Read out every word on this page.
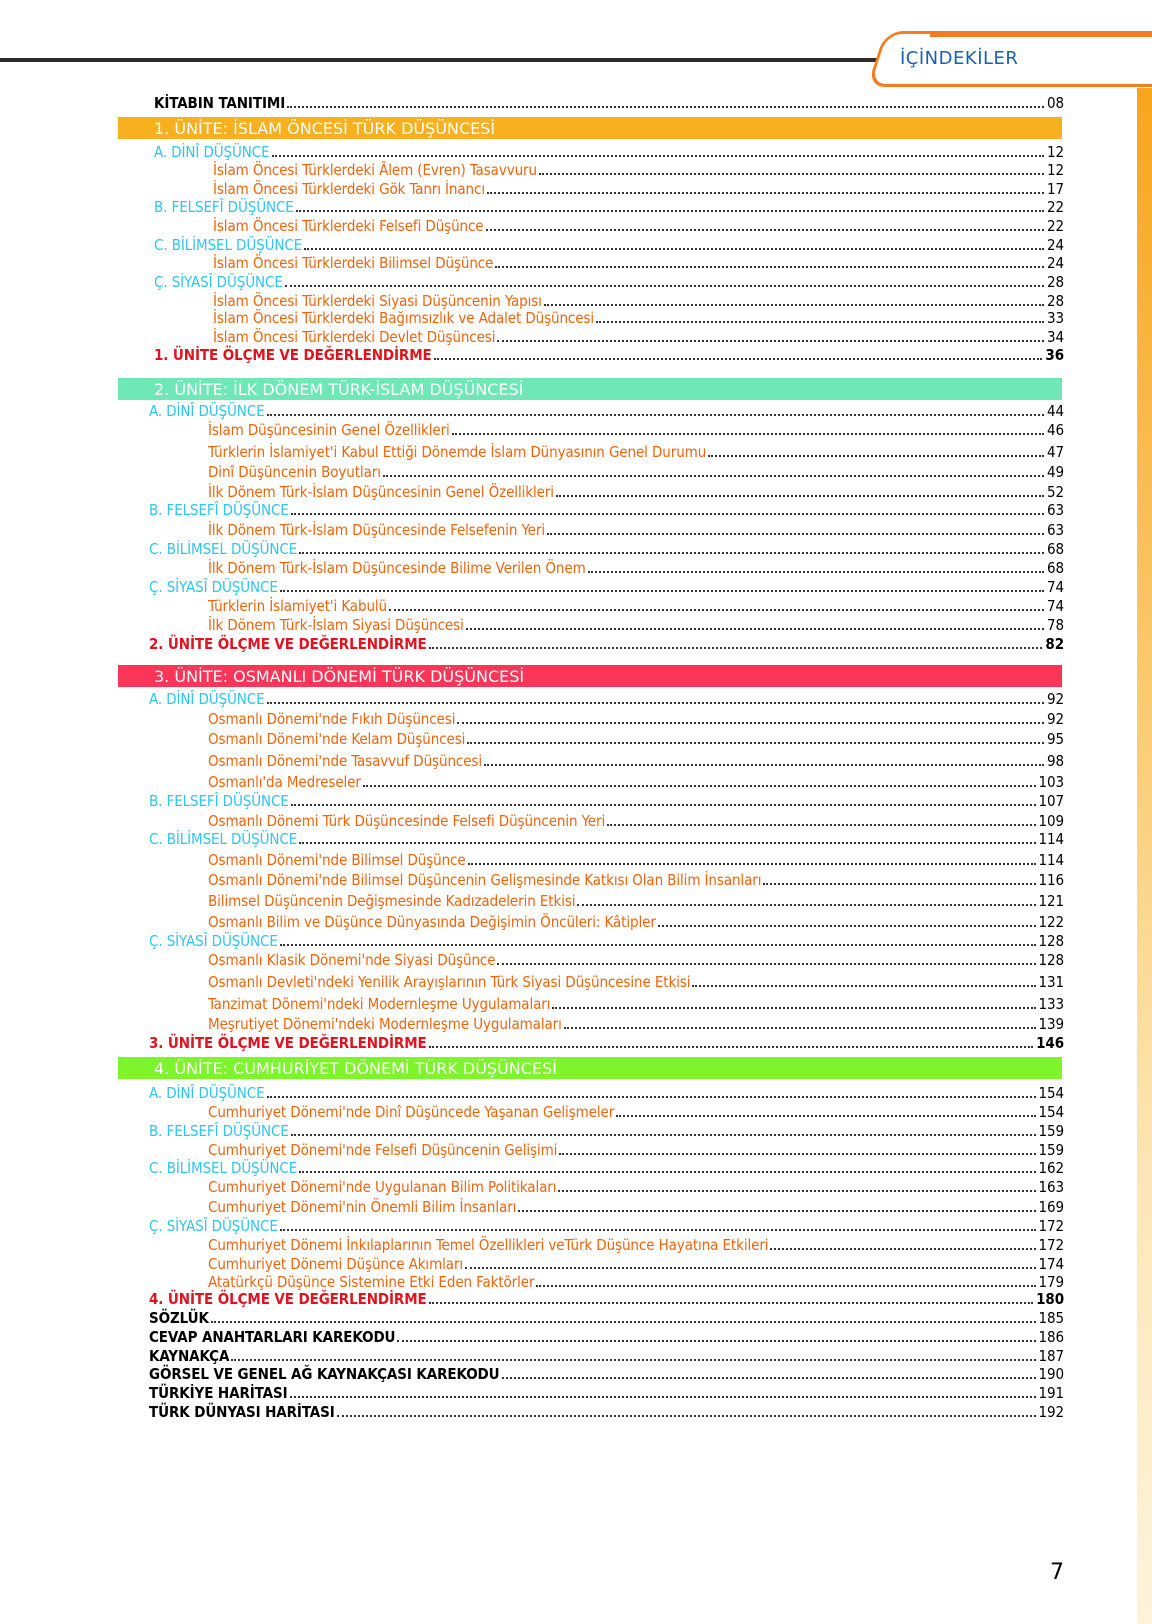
İÇİNDEKİLER
KİTABIN TANITIMI	08
1. ÜNİTE: İSLAM ÖNCESİ TÜRK DÜŞÜNCESİ
A. DİNÎ DÜŞÜNCE	12
İslam Öncesi Türklerdeki Âlem (Evren) Tasavvuru	12
İslam Öncesi Türklerdeki Gök Tanrı İnancı	17
B. FELSEFÎ DÜŞÜNCE	22
İslam Öncesi Türklerdeki Felsefi Düşünce	22
C. BİLİMSEL DÜŞÜNCE	24
İslam Öncesi Türklerdeki Bilimsel Düşünce	24
Ç. SİYASÎ DÜŞÜNCE	28
İslam Öncesi Türklerdeki Siyasi Düşüncenin Yapısı	28
İslam Öncesi Türklerdeki Bağımsızlık ve Adalet Düşüncesi	33
İslam Öncesi Türklerdeki Devlet Düşüncesi	34
1. ÜNİTE ÖLÇME VE DEĞERLENDİRME	36
2. ÜNİTE: İLK DÖNEM TÜRK-İSLAM DÜŞÜNCESİ
A. DİNÎ DÜŞÜNCE	44
İslam Düşüncesinin Genel Özellikleri	46
Türklerin İslamiyet'i Kabul Ettiği Dönemde İslam Dünyasının Genel Durumu	47
Dinî Düşüncenin Boyutları	49
İlk Dönem Türk-İslam Düşüncesinin Genel Özellikleri	52
B. FELSEFÎ DÜŞÜNCE	63
İlk Dönem Türk-İslam Düşüncesinde Felsefenin Yeri	63
C. BİLİMSEL DÜŞÜNCE	68
İlk Dönem Türk-İslam Düşüncesinde Bilime Verilen Önem	68
Ç. SİYASÎ DÜŞÜNCE	74
Türklerin İslamiyet'i Kabulü	74
İlk Dönem Türk-İslam Siyasi Düşüncesi	78
2. ÜNİTE ÖLÇME VE DEĞERLENDİRME	82
3. ÜNİTE: OSMANLI DÖNEMİ TÜRK DÜŞÜNCESİ
A. DİNÎ DÜŞÜNCE	92
Osmanlı Dönemi'nde Fıkıh Düşüncesi	92
Osmanlı Dönemi'nde Kelam Düşüncesi	95
Osmanlı Dönemi'nde Tasavvuf Düşüncesi	98
Osmanlı'da Medreseler	103
B. FELSEFÎ DÜŞÜNCE	107
Osmanlı Dönemi Türk Düşüncesinde Felsefi Düşüncenin Yeri	109
C. BİLİMSEL DÜŞÜNCE	114
Osmanlı Dönemi'nde Bilimsel Düşünce	114
Osmanlı Dönemi'nde Bilimsel Düşüncenin Gelişmesinde Katkısı Olan Bilim İnsanları	116
Bilimsel Düşüncenin Değişmesinde Kadızadelerin Etkisi	121
Osmanlı Bilim ve Düşünce Dünyasında Değişimin Öncüleri: Kâtipler	122
Ç. SİYASÎ DÜŞÜNCE	128
Osmanlı Klasik Dönemi'nde Siyasi Düşünce	128
Osmanlı Devleti'ndeki Yenilik Arayışlarının Türk Siyasi Düşüncesine Etkisi	131
Tanzimat Dönemi'ndeki Modernleşme Uygulamaları	133
Meşrutiyet Dönemi'ndeki Modernleşme Uygulamaları	139
3. ÜNİTE ÖLÇME VE DEĞERLENDİRME	146
4. ÜNİTE: CUMHURİYET DÖNEMİ TÜRK DÜŞÜNCESİ
A. DİNÎ DÜŞÜNCE	154
Cumhuriyet Dönemi'nde Dinî Düşüncede Yaşanan Gelişmeler	154
B. FELSEFÎ DÜŞÜNCE	159
Cumhuriyet Dönemi'nde Felsefi Düşüncenin Gelişimi	159
C. BİLİMSEL DÜŞÜNCE	162
Cumhuriyet Dönemi'nde Uygulanan Bilim Politikaları	163
Cumhuriyet Dönemi'nin Önemli Bilim İnsanları	169
Ç. SİYASÎ DÜŞÜNCE	172
Cumhuriyet Dönemi İnkılaplarının Temel Özellikleri veTürk Düşünce Hayatına Etkileri	172
Cumhuriyet Dönemi Düşünce Akımları	174
Atatürkçü Düşünce Sistemine Etki Eden Faktörler	179
4. ÜNİTE ÖLÇME VE DEĞERLENDİRME	180
SÖZLÜK	185
CEVAP ANAHTARLARI KAREKODU	186
KAYNAKÇA	187
GÖRSEL VE GENEL AĞ KAYNAKÇASI KAREKODU	190
TÜRKİYE HARİTASI	191
TÜRK DÜNYASI HARİTASI	192
7
